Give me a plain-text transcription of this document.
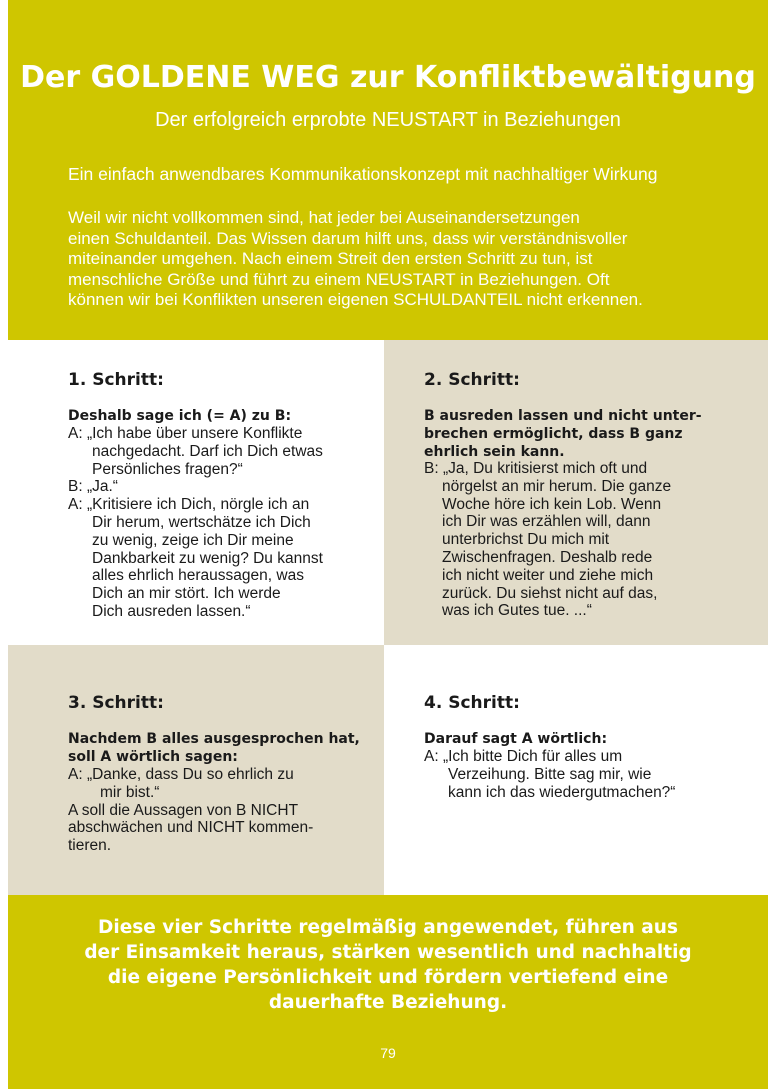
Der GOLDENE WEG zur Konfliktbewältigung
Der erfolgreich erprobte NEUSTART in Beziehungen
Ein einfach anwendbares Kommunikationskonzept mit nachhaltiger Wirkung
Weil wir nicht vollkommen sind, hat jeder bei Auseinandersetzungen
einen Schuldanteil. Das Wissen darum hilft uns, dass wir verständnisvoller
miteinander umgehen. Nach einem Streit den ersten Schritt zu tun, ist
menschliche Größe und führt zu einem NEUSTART in Beziehungen. Oft
können wir bei Konflikten unseren eigenen SCHULDANTEIL nicht erkennen.
1. Schritt:
Deshalb sage ich (= A) zu B:
A: „Ich habe über unsere Konflikte
nachgedacht. Darf ich Dich etwas
Persönliches fragen?“
B: „Ja.“
A: „Kritisiere ich Dich, nörgle ich an
Dir herum, wertschätze ich Dich
zu wenig, zeige ich Dir meine
Dankbarkeit zu wenig? Du kannst
alles ehrlich heraussagen, was
Dich an mir stört. Ich werde
Dich ausreden lassen.“
2. Schritt:
B ausreden lassen und nicht unter-
brechen ermöglicht, dass B ganz
ehrlich sein kann.
B: „Ja, Du kritisierst mich oft und
nörgelst an mir herum. Die ganze
Woche höre ich kein Lob. Wenn
ich Dir was erzählen will, dann
unterbrichst Du mich mit
Zwischenfragen. Deshalb rede
ich nicht weiter und ziehe mich
zurück. Du siehst nicht auf das,
was ich Gutes tue. ...“
3. Schritt:
Nachdem B alles ausgesprochen hat,
soll A wörtlich sagen:
A: „Danke, dass Du so ehrlich zu
mir bist.“
A soll die Aussagen von B NICHT
abschwächen und NICHT kommen-
tieren.
4. Schritt:
Darauf sagt A wörtlich:
A: „Ich bitte Dich für alles um
Verzeihung. Bitte sag mir, wie
kann ich das wiedergutmachen?“
Diese vier Schritte regelmäßig angewendet, führen aus
der Einsamkeit heraus, stärken wesentlich und nachhaltig
die eigene Persönlichkeit und fördern vertiefend eine
dauerhafte Beziehung.
79
